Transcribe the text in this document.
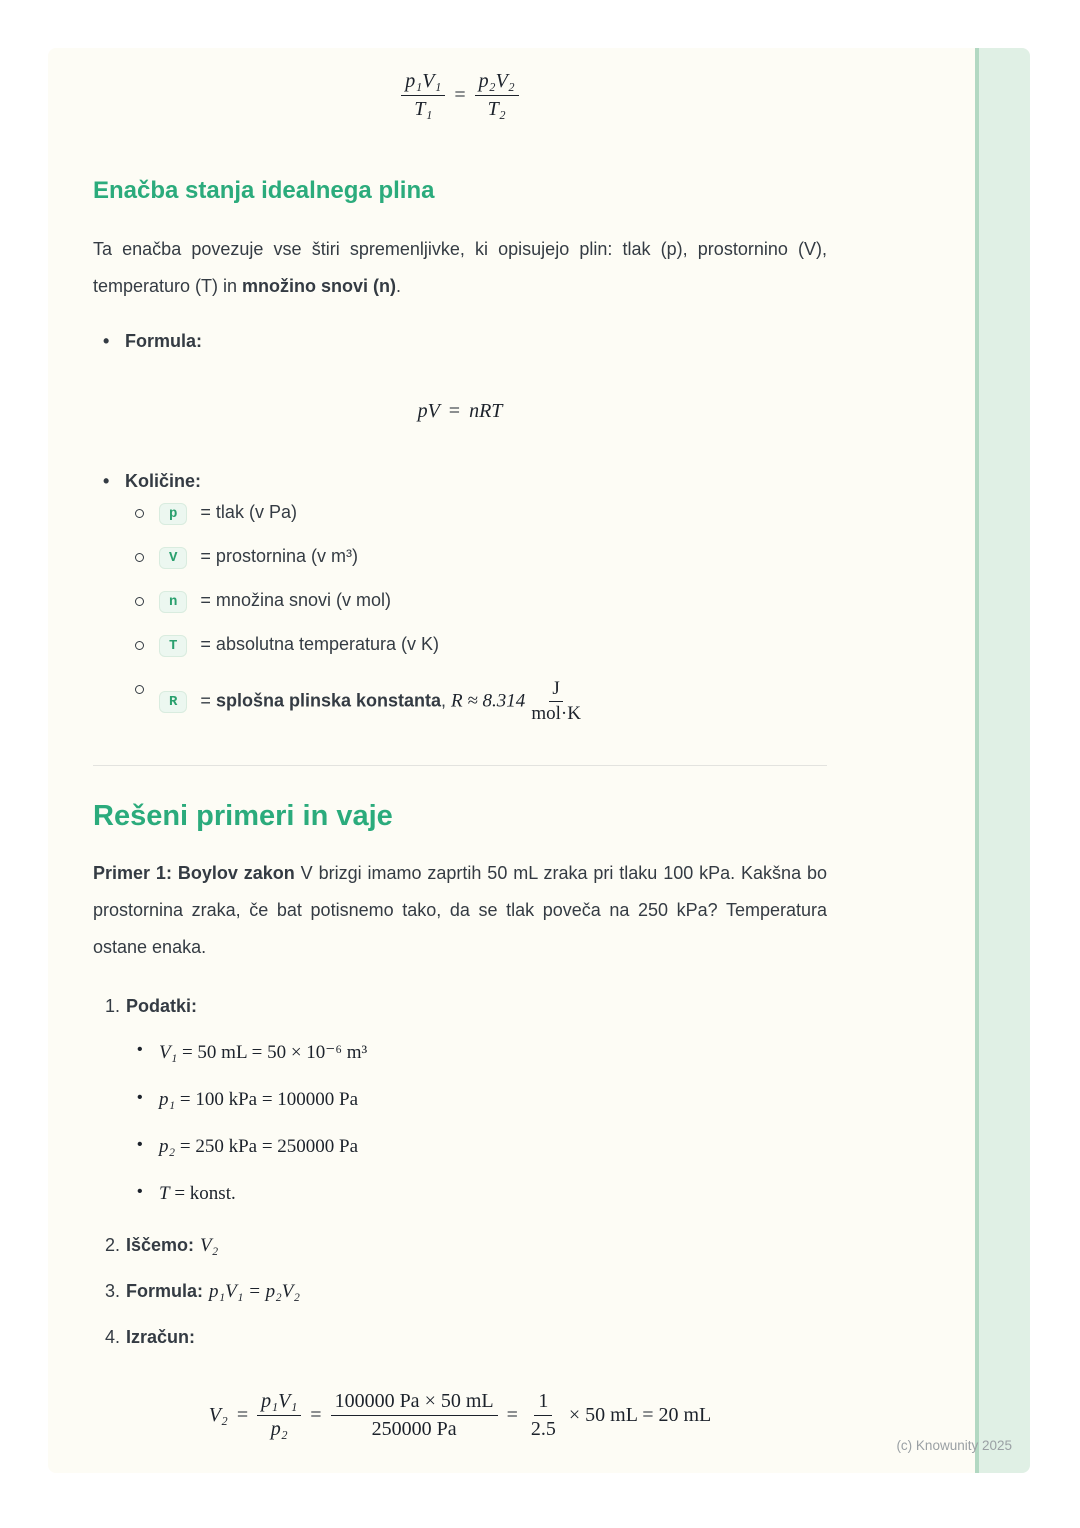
$\frac{\text{p₁V₁}}{\text{T₁}} = \frac{\text{p₂V₂}}{\text{T₂}}$
Enačba stanja idealnega plina

Ta enačba povezuje vse štiri spremenljivke, ki opisujejo plin: tlak (p), prostornino (V), temperaturo (T) in množino snovi (n).

• Formula:
pV = nRT
• Količine:
p = tlak (v Pa)
V = prostornina (v m³)
n = množina snovi (v mol)
T = absolutna temperatura (v K)
R = splošna plinska konstanta, $R \approx 8.314 \frac{J}{\text{mol·K}}$
Rešeni primeri in vaje

Primer 1: Boylov zakon V brizgi imamo zaprtih 50 mL zraka pri tlaku 100 kPa. Kakšna bo prostornina zraka, če bat potisnemo tako, da se tlak poveča na 250 kPa? Temperatura ostane enaka.

1. Podatki:
• V₁ = 50 mL = 50 × 10⁻⁶ m³
• p₁ = 100 kPa = 100000 Pa
• p₂ = 250 kPa = 250000 Pa
• T = konst.
2. Iščemo: V₂
3. Formula: p₁V₁ = p₂V₂
4. Izračun:
$V_2 = \frac{\text{p₁V₁}}{\text{p₂}} = \frac{100000 Pa \times 50 mL}{250000 Pa} = \frac{1}{2.5} \times 50$ mL = 20 mL
(c) Knowunity 2025
